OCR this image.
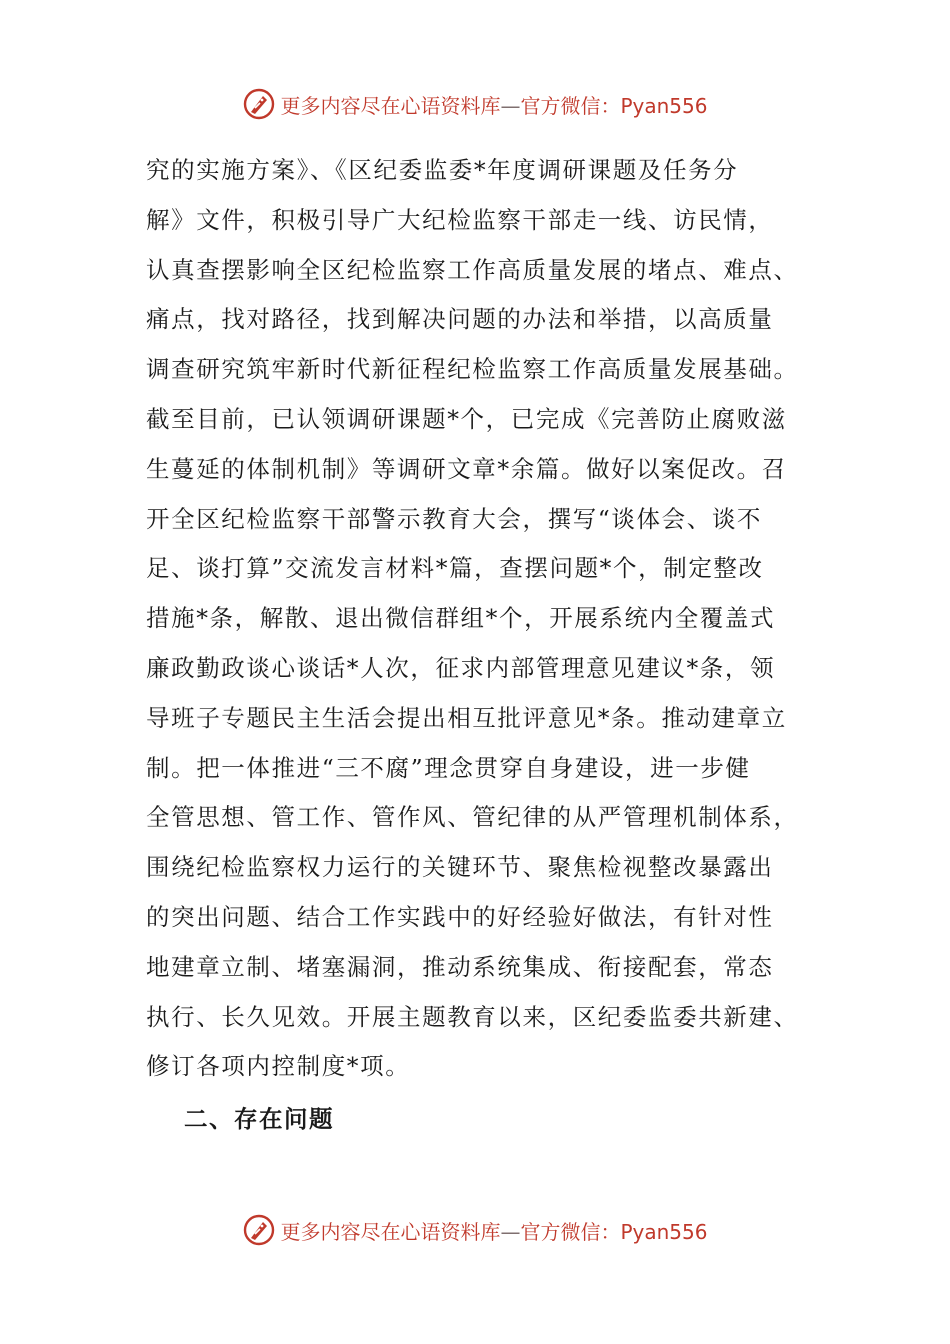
更多内容尽在心语资料库—官方微信：Pyan556
究的实施方案》、《区纪委监委*年度调研课题及任务分
解》文件，积极引导广大纪检监察干部走一线、访民情，
认真查摆影响全区纪检监察工作高质量发展的堵点、难点、
痛点，找对路径，找到解决问题的办法和举措，以高质量
调查研究筑牢新时代新征程纪检监察工作高质量发展基础。
截至目前，已认领调研课题*个，已完成《完善防止腐败滋
生蔓延的体制机制》等调研文章*余篇。做好以案促改。召
开全区纪检监察干部警示教育大会，撰写“谈体会、谈不
足、谈打算”交流发言材料*篇，查摆问题*个，制定整改
措施*条，解散、退出微信群组*个，开展系统内全覆盖式
廉政勤政谈心谈话*人次，征求内部管理意见建议*条，领
导班子专题民主生活会提出相互批评意见*条。推动建章立
制。把一体推进“三不腐”理念贯穿自身建设，进一步健
全管思想、管工作、管作风、管纪律的从严管理机制体系，
围绕纪检监察权力运行的关键环节、聚焦检视整改暴露出
的突出问题、结合工作实践中的好经验好做法，有针对性
地建章立制、堵塞漏洞，推动系统集成、衔接配套，常态
执行、长久见效。开展主题教育以来，区纪委监委共新建、
修订各项内控制度*项。
二、存在问题
更多内容尽在心语资料库—官方微信：Pyan556
